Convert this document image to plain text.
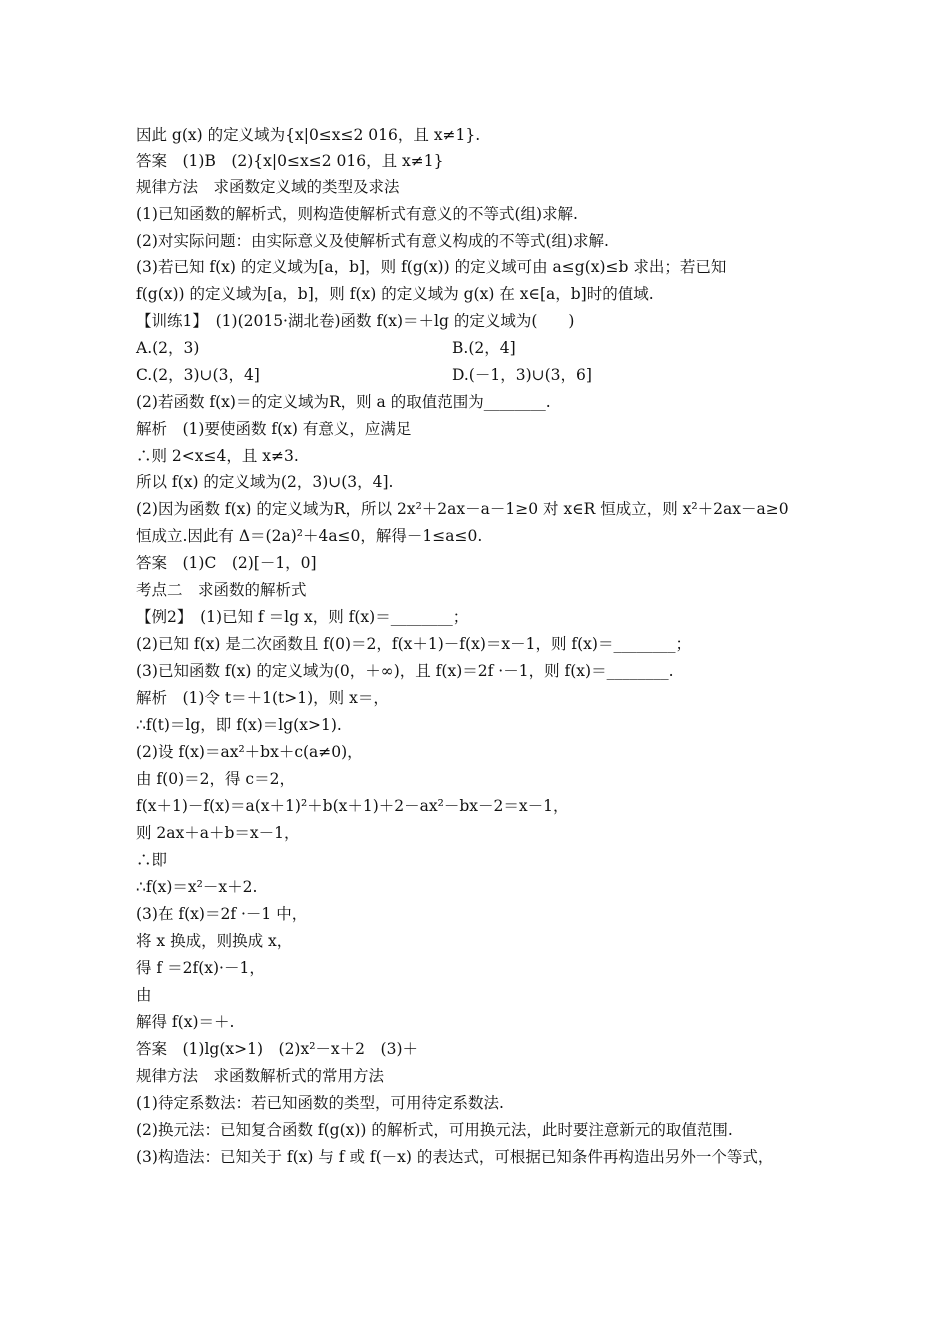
因此 g(x) 的定义域为{x|0≤x≤2 016，且 x≠1}.
答案　(1)B　(2){x|0≤x≤2 016，且 x≠1}
规律方法　求函数定义域的类型及求法
(1)已知函数的解析式，则构造使解析式有意义的不等式(组)求解.
(2)对实际问题：由实际意义及使解析式有意义构成的不等式(组)求解.
(3)若已知 f(x) 的定义域为[a，b]，则 f(g(x)) 的定义域可由 a≤g(x)≤b 求出；若已知
f(g(x)) 的定义域为[a，b]，则 f(x) 的定义域为 g(x) 在 x∈[a，b]时的值域.
【训练1】　(1)(2015·湖北卷)函数 f(x)＝＋lg 的定义域为(　　)
A.(2，3)	B.(2，4]
C.(2，3)∪(3，4]	D.(－1，3)∪(3，6]
(2)若函数 f(x)＝的定义域为R，则 a 的取值范围为________.
解析　(1)要使函数 f(x) 有意义，应满足
∴则 2<x≤4，且 x≠3.
所以 f(x) 的定义域为(2，3)∪(3，4].
(2)因为函数 f(x) 的定义域为R，所以 2x²＋2ax－a－1≥0 对 x∈R 恒成立，则 x²＋2ax－a≥0
恒成立.因此有 Δ＝(2a)²＋4a≤0，解得－1≤a≤0.
答案　(1)C　(2)[－1，0]
考点二　求函数的解析式
【例2】　(1)已知 f ＝lg x，则 f(x)＝________；
(2)已知 f(x) 是二次函数且 f(0)＝2，f(x＋1)－f(x)＝x－1，则 f(x)＝________；
(3)已知函数 f(x) 的定义域为(0，＋∞)，且 f(x)＝2f ·－1，则 f(x)＝________.
解析　(1)令 t＝＋1(t>1)，则 x＝，
∴f(t)＝lg，即 f(x)＝lg(x>1).
(2)设 f(x)＝ax²＋bx＋c(a≠0)，
由 f(0)＝2，得 c＝2，
f(x＋1)－f(x)＝a(x＋1)²＋b(x＋1)＋2－ax²－bx－2＝x－1，
则 2ax＋a＋b＝x－1，
∴即
∴f(x)＝x²－x＋2.
(3)在 f(x)＝2f ·－1 中，
将 x 换成，则换成 x，
得 f ＝2f(x)·－1，
由
解得 f(x)＝＋.
答案　(1)lg(x>1)　(2)x²－x＋2　(3)＋
规律方法　求函数解析式的常用方法
(1)待定系数法：若已知函数的类型，可用待定系数法.
(2)换元法：已知复合函数 f(g(x)) 的解析式，可用换元法，此时要注意新元的取值范围.
(3)构造法：已知关于 f(x) 与 f 或 f(－x) 的表达式，可根据已知条件再构造出另外一个等式，
